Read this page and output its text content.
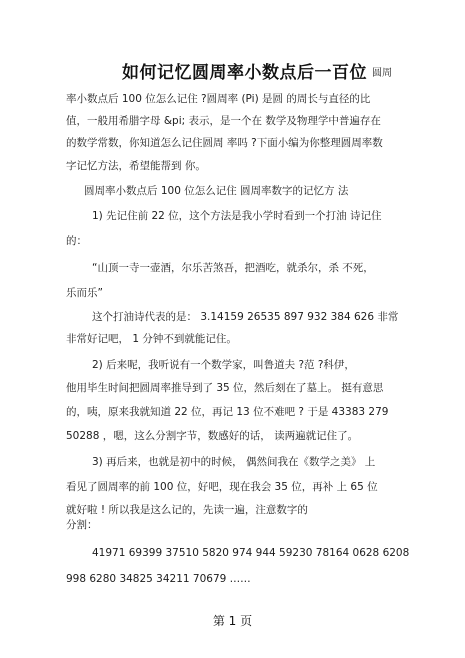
如何记忆圆周率小数点后一百位 圆周
率小数点后 100 位怎么记住 ?圆周率 (Pi) 是圆 的周长与直径的比
值，一般用希腊字母 &pi; 表示，是一个在 数学及物理学中普遍存在
的数学常数，你知道怎么记住圆周 率吗 ?下面小编为你整理圆周率数
字记忆方法，希望能帮到 你。
圆周率小数点后 100 位怎么记住 圆周率数字的记忆方 法
1) 先记住前 22 位，这个方法是我小学时看到一个打油 诗记住
的：
“山顶一寺一壶酒，尔乐苦煞吾，把酒吃，就杀尔，杀 不死，
乐而乐”
这个打油诗代表的是： 3.14159 26535 897 932 384 626 非常
非常好记吧， 1 分钟不到就能记住。
2) 后来呢，我听说有一个数学家，叫鲁道夫 ?范 ?科伊，
他用毕生时间把圆周率推导到了 35 位，然后刻在了墓上。 挺有意思
的，咦，原来我就知道 22 位，再记 13 位不难吧 ? 于是 43383 279
50288 ，嗯，这么分割字节，数感好的话， 读两遍就记住了。
3) 再后来，也就是初中的时候， 偶然间我在《数学之美》 上
看见了圆周率的前 100 位，好吧，现在我会 35 位，再补 上 65 位
就好啦 ! 所以我是这么记的，先读一遍，注意数字的
分割：
41971 69399 37510 5820 974 944 59230 78164 0628 6208
998 6280 34825 34211 70679 ……
第 1 页
